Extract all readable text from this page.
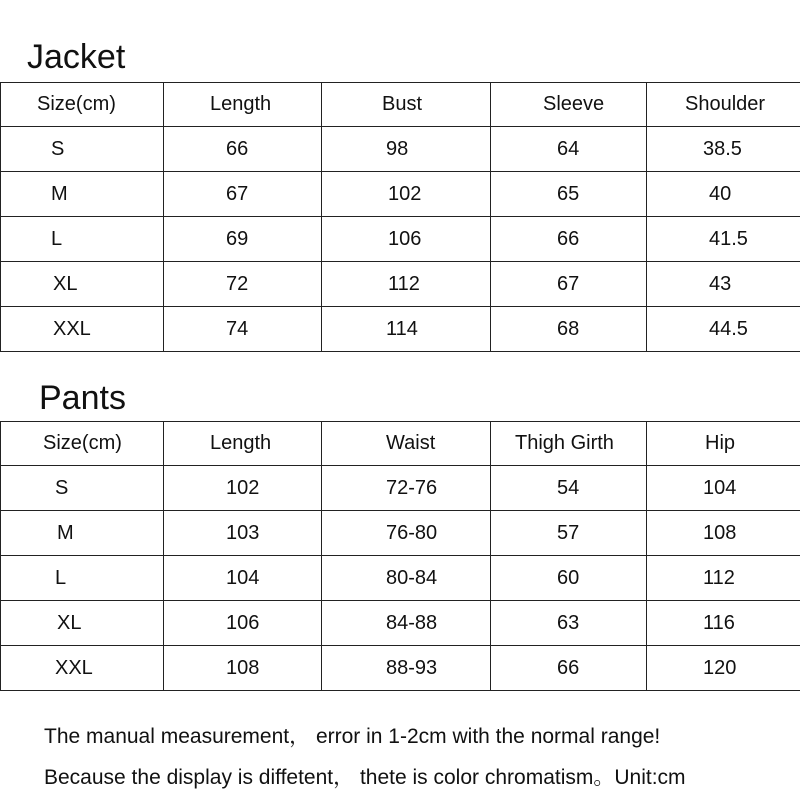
Jacket
Size(cm)	Length	Bust	Sleeve	Shoulder
S	66	98	64	38.5
M	67	102	65	40
L	69	106	66	41.5
XL	72	112	67	43
XXL	74	114	68	44.5
Pants
Size(cm)	Length	Waist	Thigh Girth	Hip
S	102	72-76	54	104
M	103	76-80	57	108
L	104	80-84	60	112
XL	106	84-88	63	116
XXL	108	88-93	66	120
The manual measurement， error in 1-2cm with the normal range!
Because the display is diffetent， thete is color chromatism。Unit:cm
